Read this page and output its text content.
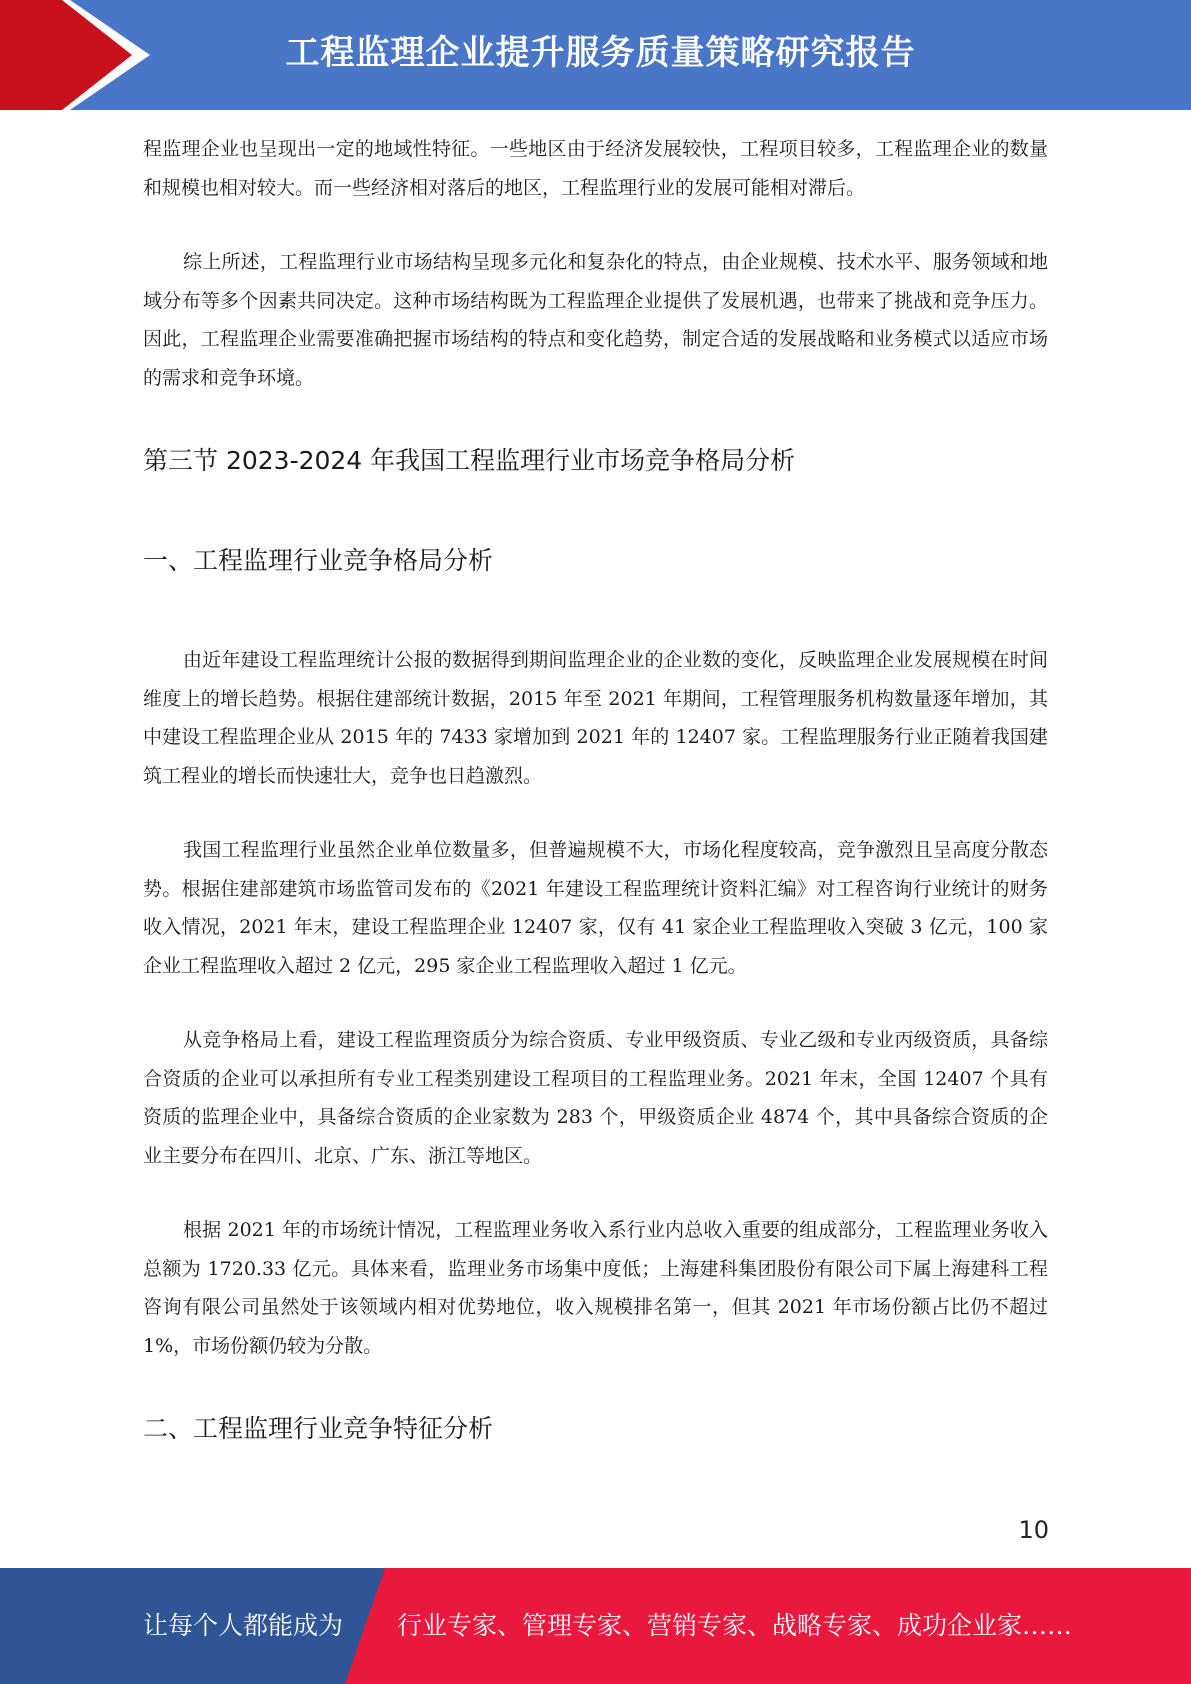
工程监理企业提升服务质量策略研究报告

程监理企业也呈现出一定的地域性特征。一些地区由于经济发展较快，工程项目较多，工程监理企业的数量和规模也相对较大。而一些经济相对落后的地区，工程监理行业的发展可能相对滞后。

综上所述，工程监理行业市场结构呈现多元化和复杂化的特点，由企业规模、技术水平、服务领域和地域分布等多个因素共同决定。这种市场结构既为工程监理企业提供了发展机遇，也带来了挑战和竞争压力。因此，工程监理企业需要准确把握市场结构的特点和变化趋势，制定合适的发展战略和业务模式以适应市场的需求和竞争环境。

第三节 2023-2024 年我国工程监理行业市场竞争格局分析
一、工程监理行业竞争格局分析

由近年建设工程监理统计公报的数据得到期间监理企业的企业数的变化，反映监理企业发展规模在时间维度上的增长趋势。根据住建部统计数据，2015 年至 2021 年期间，工程管理服务机构数量逐年增加，其中建设工程监理企业从 2015 年的 7433 家增加到 2021 年的 12407 家。工程监理服务行业正随着我国建筑工程业的增长而快速壮大，竞争也日趋激烈。

我国工程监理行业虽然企业单位数量多，但普遍规模不大，市场化程度较高，竞争激烈且呈高度分散态势。根据住建部建筑市场监管司发布的《2021 年建设工程监理统计资料汇编》对工程咨询行业统计的财务收入情况，2021 年末，建设工程监理企业 12407 家，仅有 41 家企业工程监理收入突破 3 亿元，100 家企业工程监理收入超过 2 亿元，295 家企业工程监理收入超过 1 亿元。

从竞争格局上看，建设工程监理资质分为综合资质、专业甲级资质、专业乙级和专业丙级资质，具备综合资质的企业可以承担所有专业工程类别建设工程项目的工程监理业务。2021 年末，全国 12407 个具有资质的监理企业中，具备综合资质的企业家数为 283 个，甲级资质企业 4874 个，其中具备综合资质的企业主要分布在四川、北京、广东、浙江等地区。

根据 2021 年的市场统计情况，工程监理业务收入系行业内总收入重要的组成部分，工程监理业务收入总额为 1720.33 亿元。具体来看，监理业务市场集中度低；上海建科集团股份有限公司下属上海建科工程咨询有限公司虽然处于该领域内相对优势地位，收入规模排名第一，但其 2021 年市场份额占比仍不超过 1%，市场份额仍较为分散。

二、工程监理行业竞争特征分析
10
让每个人都能成为 行业专家、管理专家、营销专家、战略专家、成功企业家……
